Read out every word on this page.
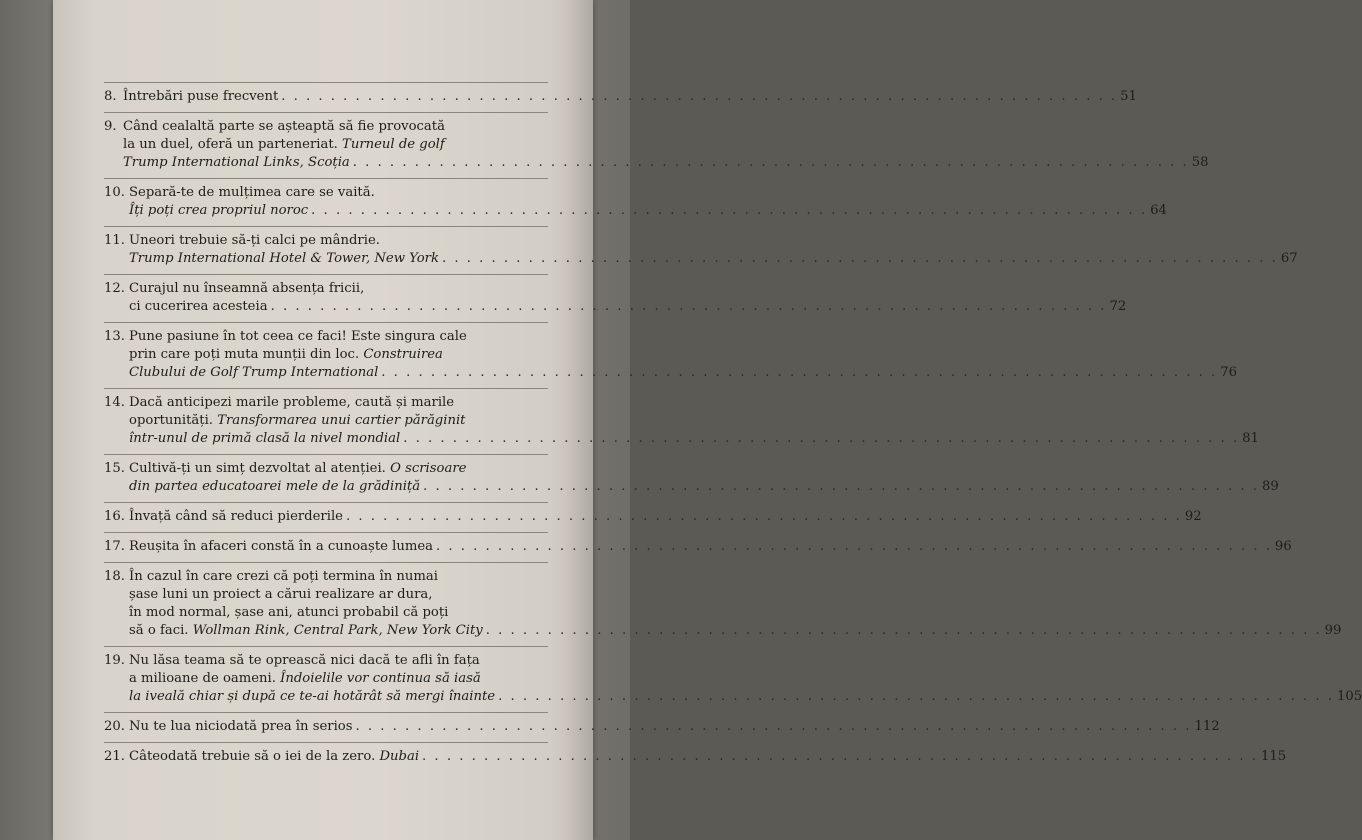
8. Întrebări puse frecvent . . .	51
9. Când cealaltă parte se așteaptă să fie provocată
la un duel, oferă un parteneriat. Turneul de golf
Trump International Links, Scoția . . .	58
10. Separă-te de mulțimea care se vaită.
Îți poți crea propriul noroc . . .	64
11. Uneori trebuie să-ți calci pe mândrie.
Trump International Hotel & Tower, New York . . .	67
12. Curajul nu înseamnă absența fricii,
ci cucerirea acesteia . . .	72
13. Pune pasiune în tot ceea ce faci! Este singura cale
prin care poți muta munții din loc. Construirea
Clubului de Golf Trump International . . .	76
14. Dacă anticipezi marile probleme, caută și marile
oportunități. Transformarea unui cartier părăginit
într-unul de primă clasă la nivel mondial . . .	81
15. Cultivă-ți un simț dezvoltat al atenției. O scrisoare
din partea educatoarei mele de la grădiniță . . .	89
16. Învață când să reduci pierderile . . .	92
17. Reușita în afaceri constă în a cunoaște lumea . . .	96
18. În cazul în care crezi că poți termina în numai
șase luni un proiect a cărui realizare ar dura,
în mod normal, șase ani, atunci probabil că poți
să o faci. Wollman Rink, Central Park, New York City . . .	99
19. Nu lăsa teama să te oprească nici dacă te afli în fața
a milioane de oameni. Îndoielile vor continua să iasă
la iveală chiar și după ce te-ai hotărât să mergi înainte . . .	105
20. Nu te lua niciodată prea în serios . . .	112
21. Câteodată trebuie să o iei de la zero. Dubai . . .	115
